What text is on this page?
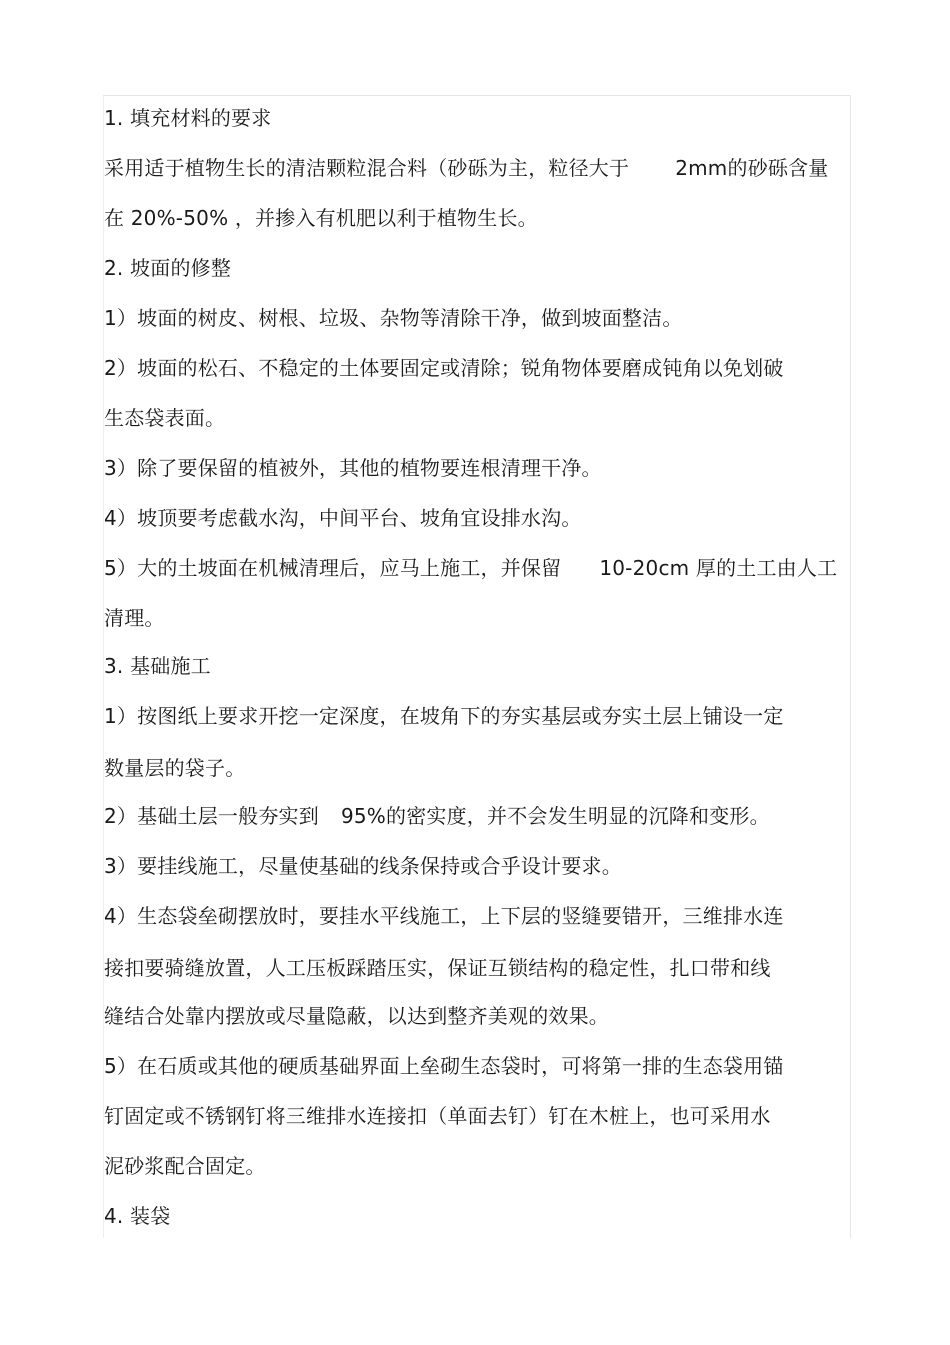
1. 填充材料的要求
采用适于植物生长的清洁颗粒混合料（砂砾为主，粒径大于 2mm的砂砾含量
在 20%-50% ，并掺入有机肥以利于植物生长。
2. 坡面的修整
1）坡面的树皮、树根、垃圾、杂物等清除干净，做到坡面整洁。
2）坡面的松石、不稳定的土体要固定或清除；锐角物体要磨成钝角以免划破
生态袋表面。
3）除了要保留的植被外，其他的植物要连根清理干净。
4）坡顶要考虑截水沟，中间平台、坡角宜设排水沟。
5）大的土坡面在机械清理后，应马上施工，并保留 10-20cm 厚的土工由人工
清理。
3. 基础施工
1）按图纸上要求开挖一定深度，在坡角下的夯实基层或夯实土层上铺设一定
数量层的袋子。
2）基础土层一般夯实到 95%的密实度，并不会发生明显的沉降和变形。
3）要挂线施工，尽量使基础的线条保持或合乎设计要求。
4）生态袋垒砌摆放时，要挂水平线施工，上下层的竖缝要错开，三维排水连
接扣要骑缝放置，人工压板踩踏压实，保证互锁结构的稳定性，扎口带和线
缝结合处靠内摆放或尽量隐蔽，以达到整齐美观的效果。
5）在石质或其他的硬质基础界面上垒砌生态袋时，可将第一排的生态袋用锚
钉固定或不锈钢钉将三维排水连接扣（单面去钉）钉在木桩上，也可采用水
泥砂浆配合固定。
4. 装袋
